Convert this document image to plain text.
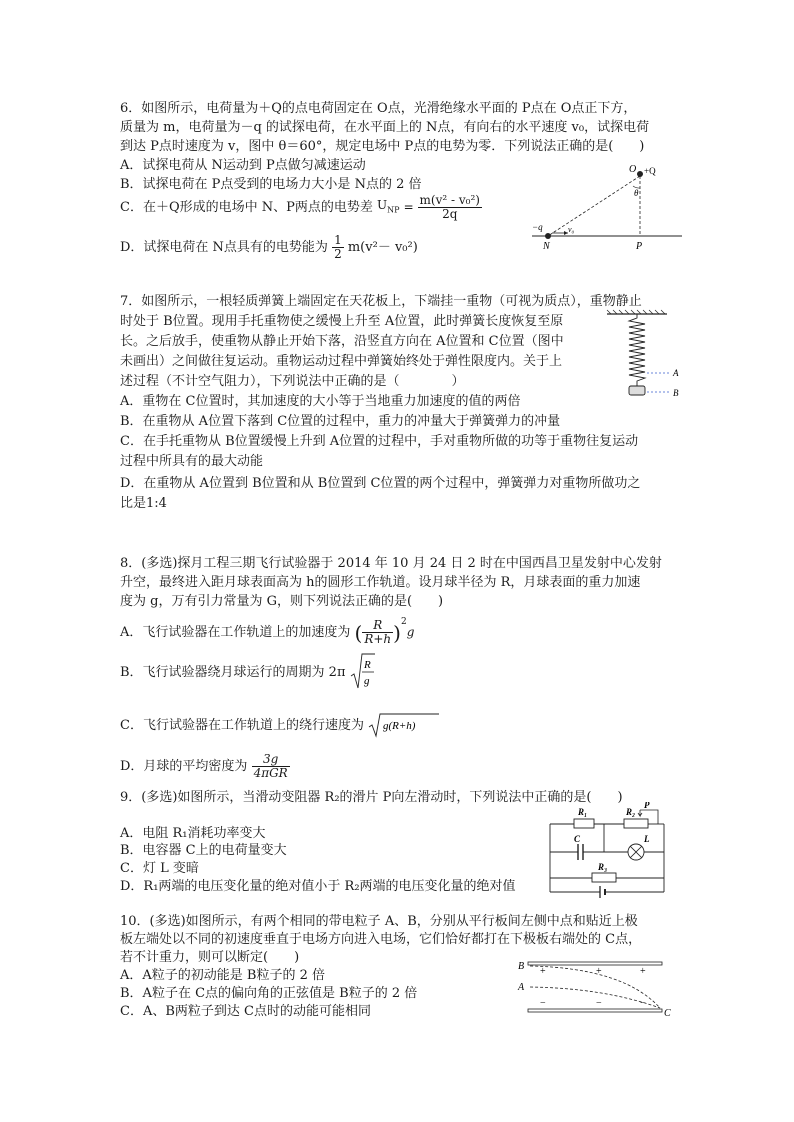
6．如图所示，电荷量为＋Q的点电荷固定在 O点，光滑绝缘水平面的 P点在 O点正下方，
质量为 m，电荷量为－q 的试探电荷，在水平面上的 N点，有向右的水平速度 v₀，试探电荷
到达 P点时速度为 v，图中 θ＝60°，规定电场中 P点的电势为零．下列说法正确的是(　　)
A．试探电荷从 N运动到 P点做匀减速运动
B．试探电荷在 P点受到的电场力大小是 N点的 2 倍
C．在＋Q形成的电场中 N、P两点的电势差 $U_{NP} = \frac{\text{m(v² - v₀²)}}{2q}$
D．试探电荷在 N点具有的电势能为 $\frac{1}{2} m(v^2- v_0^2)$
O +Q
θ
−q	v₀
N	P
7．如图所示，一根轻质弹簧上端固定在天花板上，下端挂一重物（可视为质点），重物静止
时处于 B位置。现用手托重物使之缓慢上升至 A位置，此时弹簧长度恢复至原
长。之后放手，使重物从静止开始下落，沿竖直方向在 A位置和 C位置（图中
未画出）之间做往复运动。重物运动过程中弹簧始终处于弹性限度内。关于上
述过程（不计空气阻力），下列说法中正确的是（　　　　）
A．重物在 C位置时，其加速度的大小等于当地重力加速度的值的两倍
B．在重物从 A位置下落到 C位置的过程中，重力的冲量大于弹簧弹力的冲量
C．在手托重物从 B位置缓慢上升到 A位置的过程中，手对重物所做的功等于重物往复运动
过程中所具有的最大动能
D．在重物从 A位置到 B位置和从 B位置到 C位置的两个过程中，弹簧弹力对重物所做功之
比是1:4
A
B
8．(多选)探月工程三期飞行试验器于 2014 年 10 月 24 日 2 时在中国西昌卫星发射中心发射
升空，最终进入距月球表面高为 h的圆形工作轨道。设月球半径为 R，月球表面的重力加速
度为 g，万有引力常量为 G，则下列说法正确的是(　　)
A．飞行试验器在工作轨道上的加速度为 ( $\frac{R}{R+h} )^2g$
B．飞行试验器绕月球运行的周期为 2π R
g
C．飞行试验器在工作轨道上的绕行速度为 g(R+h)
D．月球的平均密度为 $\frac{3g}{\text{4πGR}}$
9．(多选)如图所示，当滑动变阻器 R₂的滑片 P向左滑动时，下列说法中正确的是(　　)
A．电阻 R₁消耗功率变大
B．电容器 C上的电荷量变大
C．灯 L 变暗
D．R₁两端的电压变化量的绝对值小于 R₂两端的电压变化量的绝对值
R₁	R₂
P
C	L
R₃
10．(多选)如图所示，有两个相同的带电粒子 A、B，分别从平行板间左侧中点和贴近上极
板左端处以不同的初速度垂直于电场方向进入电场，它们恰好都打在下极板右端处的 C点，
若不计重力，则可以断定(　　)
A．A粒子的初动能是 B粒子的 2 倍
B．A粒子在 C点的偏向角的正弦值是 B粒子的 2 倍
C．A、B两粒子到达 C点时的动能可能相同
+	+	+
−	−	−
B
A
C
